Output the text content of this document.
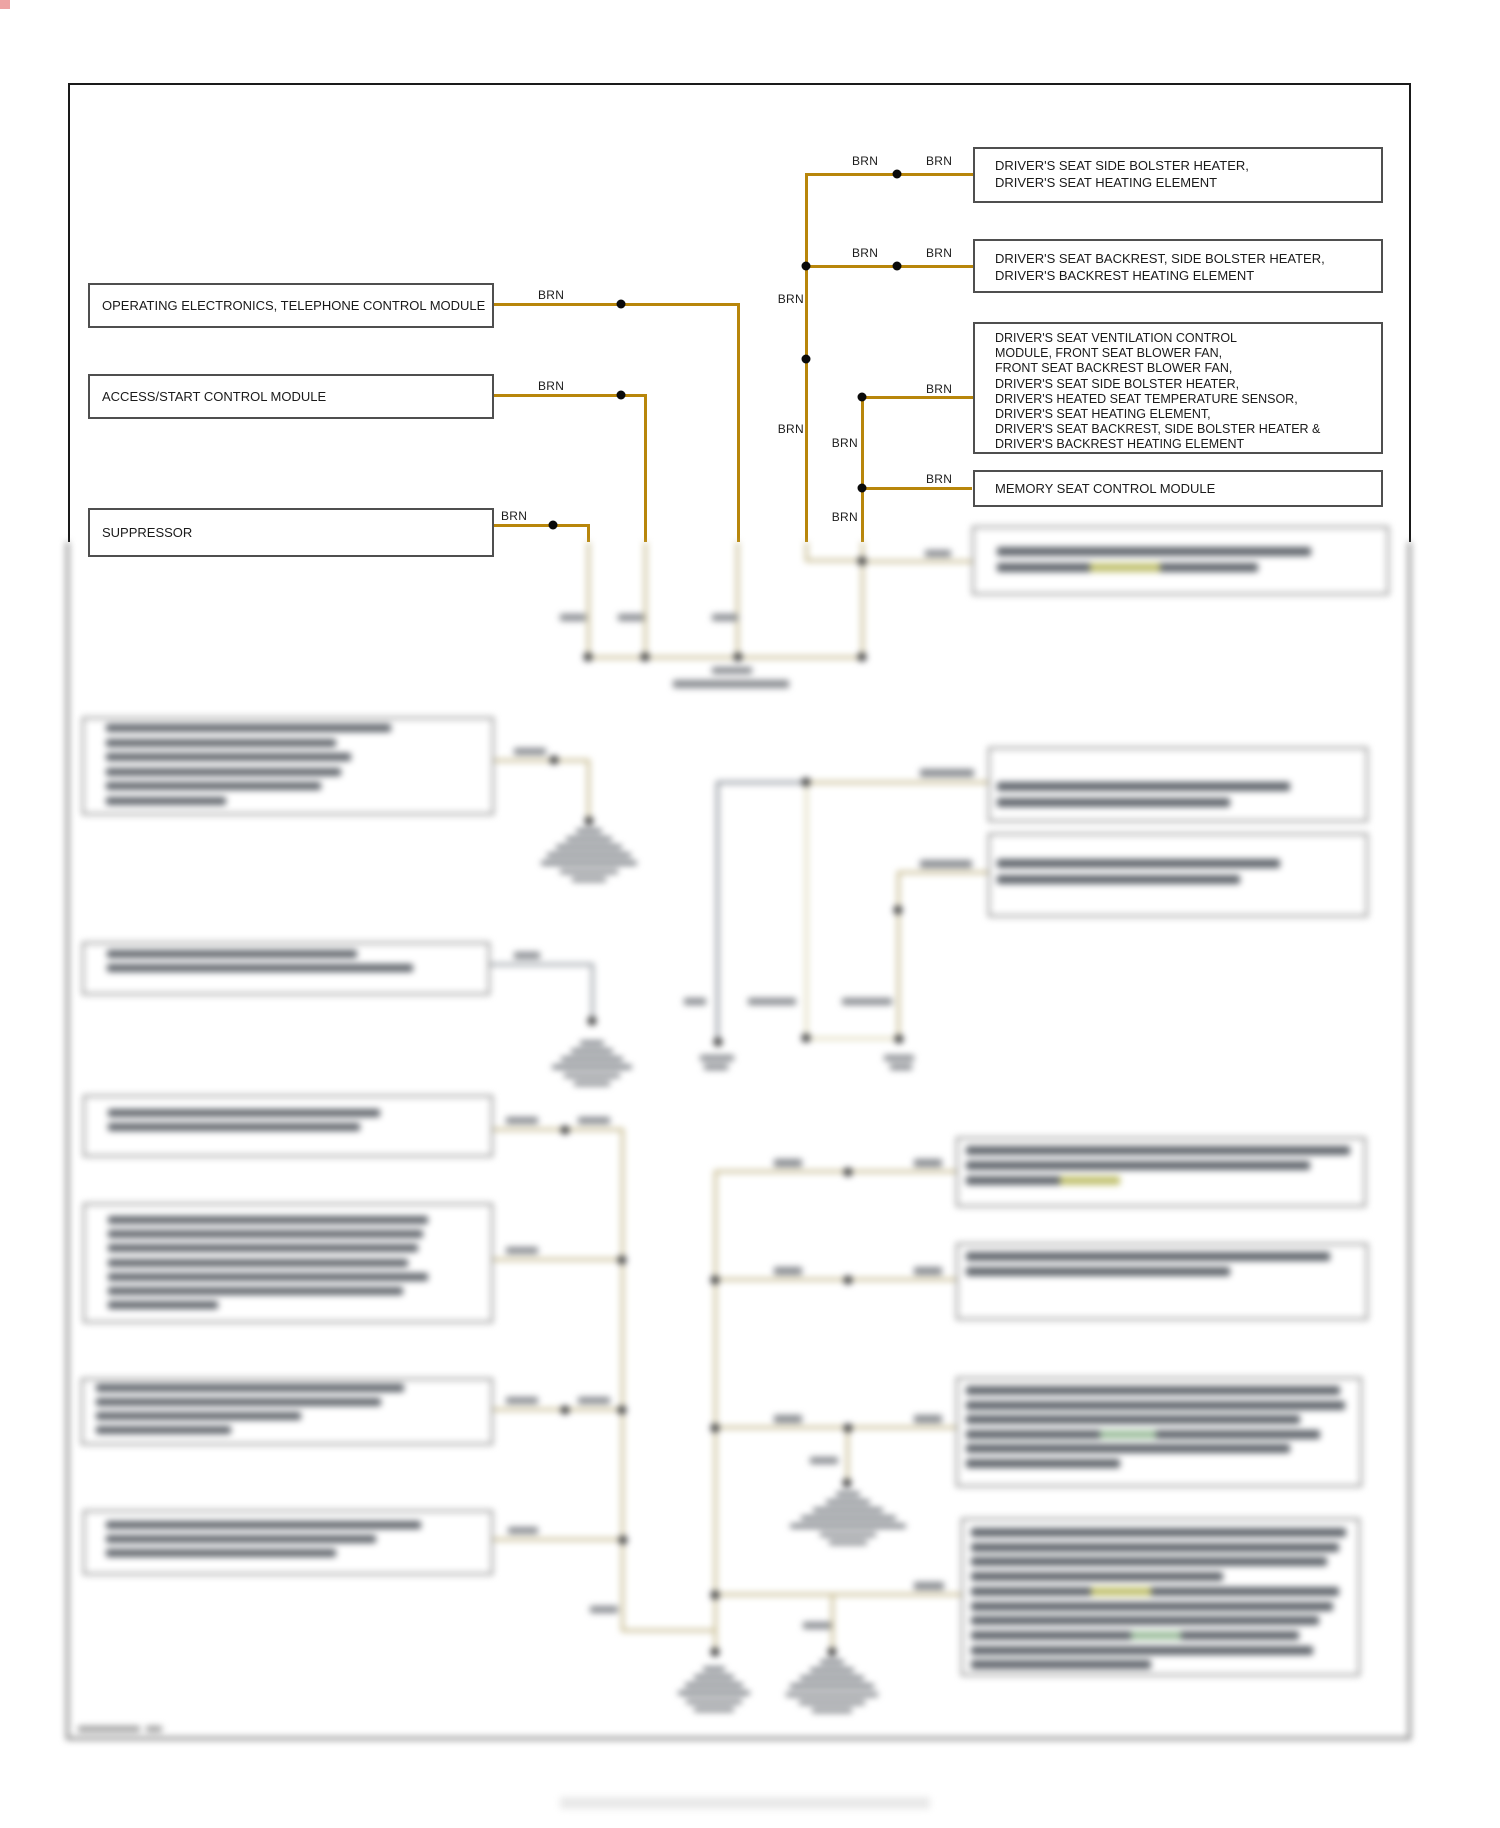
OPERATING ELECTRONICS, TELEPHONE CONTROL MODULE
ACCESS/START CONTROL MODULE
SUPPRESSOR
DRIVER'S SEAT SIDE BOLSTER HEATER,
DRIVER'S SEAT HEATING ELEMENT
DRIVER'S SEAT BACKREST, SIDE BOLSTER HEATER,
DRIVER'S BACKREST HEATING ELEMENT
DRIVER'S SEAT VENTILATION CONTROL
MODULE, FRONT SEAT BLOWER FAN,
FRONT SEAT BACKREST BLOWER FAN,
DRIVER'S SEAT SIDE BOLSTER HEATER,
DRIVER'S HEATED SEAT TEMPERATURE SENSOR,
DRIVER'S SEAT HEATING ELEMENT,
DRIVER'S SEAT BACKREST, SIDE BOLSTER HEATER &
DRIVER'S BACKREST HEATING ELEMENT
MEMORY SEAT CONTROL MODULE
BRN
BRN
BRN
BRN	BRN
BRN	BRN
BRN
BRN
BRN
BRN
BRN
BRN
